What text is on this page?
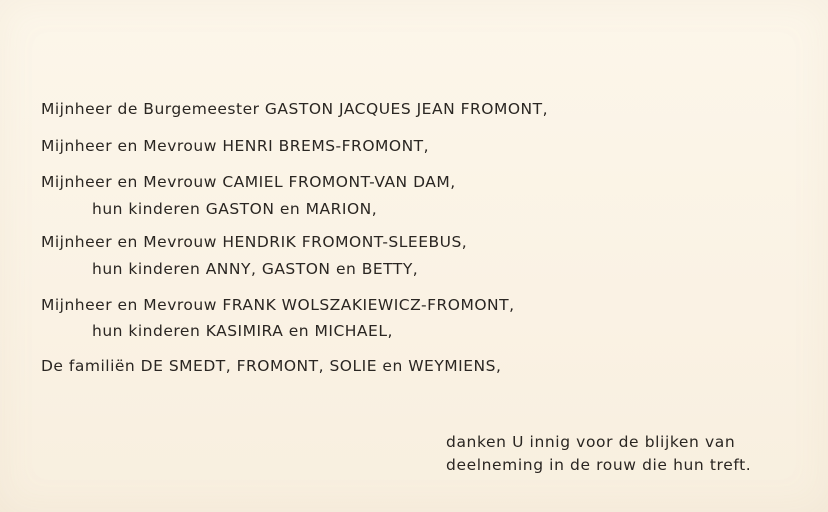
Mijnheer de Burgemeester GASTON JACQUES JEAN FROMONT,
Mijnheer en Mevrouw HENRI BREMS-FROMONT,
Mijnheer en Mevrouw CAMIEL FROMONT-VAN DAM,
hun kinderen GASTON en MARION,
Mijnheer en Mevrouw HENDRIK FROMONT-SLEEBUS,
hun kinderen ANNY, GASTON en BETTY,
Mijnheer en Mevrouw FRANK WOLSZAKIEWICZ-FROMONT,
hun kinderen KASIMIRA en MICHAEL,
De familiën DE SMEDT, FROMONT, SOLIE en WEYMIENS,
danken U innig voor de blijken van
deelneming in de rouw die hun treft.
